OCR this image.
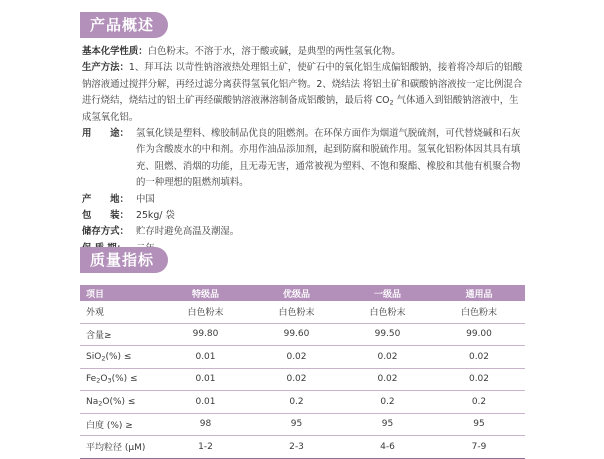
产品概述
基本化学性质：白色粉末。不溶于水，溶于酸或碱，是典型的两性氢氧化物。
生产方法：1、拜耳法 以苛性钠溶液热处理铝土矿，使矿石中的氧化铝生成偏铝酸钠，接着将冷却后的铝酸钠溶液通过搅拌分解，再经过滤分离获得氢氧化铝产物。2、烧结法 将铝土矿和碳酸钠溶液按一定比例混合进行烧结，烧结过的铝土矿再经碳酸钠溶液淋溶制备成铝酸钠，最后将 $CO_2$ 气体通入到铝酸钠溶液中，生成氢氧化铝。
用　　途： 氢氧化镁是塑料、橡胶制品优良的阻燃剂。在环保方面作为烟道气脱硫剂，可代替烧碱和石灰作为含酸废水的中和剂。亦用作油品添加剂，起到防腐和脱硫作用。氢氧化铝粉体因其具有填充、阻燃、消烟的功能，且无毒无害，通常被视为塑料、不饱和聚酯、橡胶和其他有机聚合物的一种理想的阻燃剂填料。
产　　地： 中国
包　　装： 25kg/ 袋
储存方式： 贮存时避免高温及潮湿。
质量指标
项目	特级品	优级品	一级品	通用品
外观	白色粉末	白色粉末	白色粉末	白色粉末
含量≥	99.80	99.60	99.50	99.00
SiO$_2$(%) ≤	0.01	0.02	0.02	0.02
$Fe_2O_3(\%)$ ≤	0.01	0.02	0.02	0.02
$Na_2O(\%)$ ≤	0.01	0.2	0.2	0.2
白度 (%) ≥	98	95	95	95
平均粒径 (μM)	1-2	2-3	4-6	7-9
